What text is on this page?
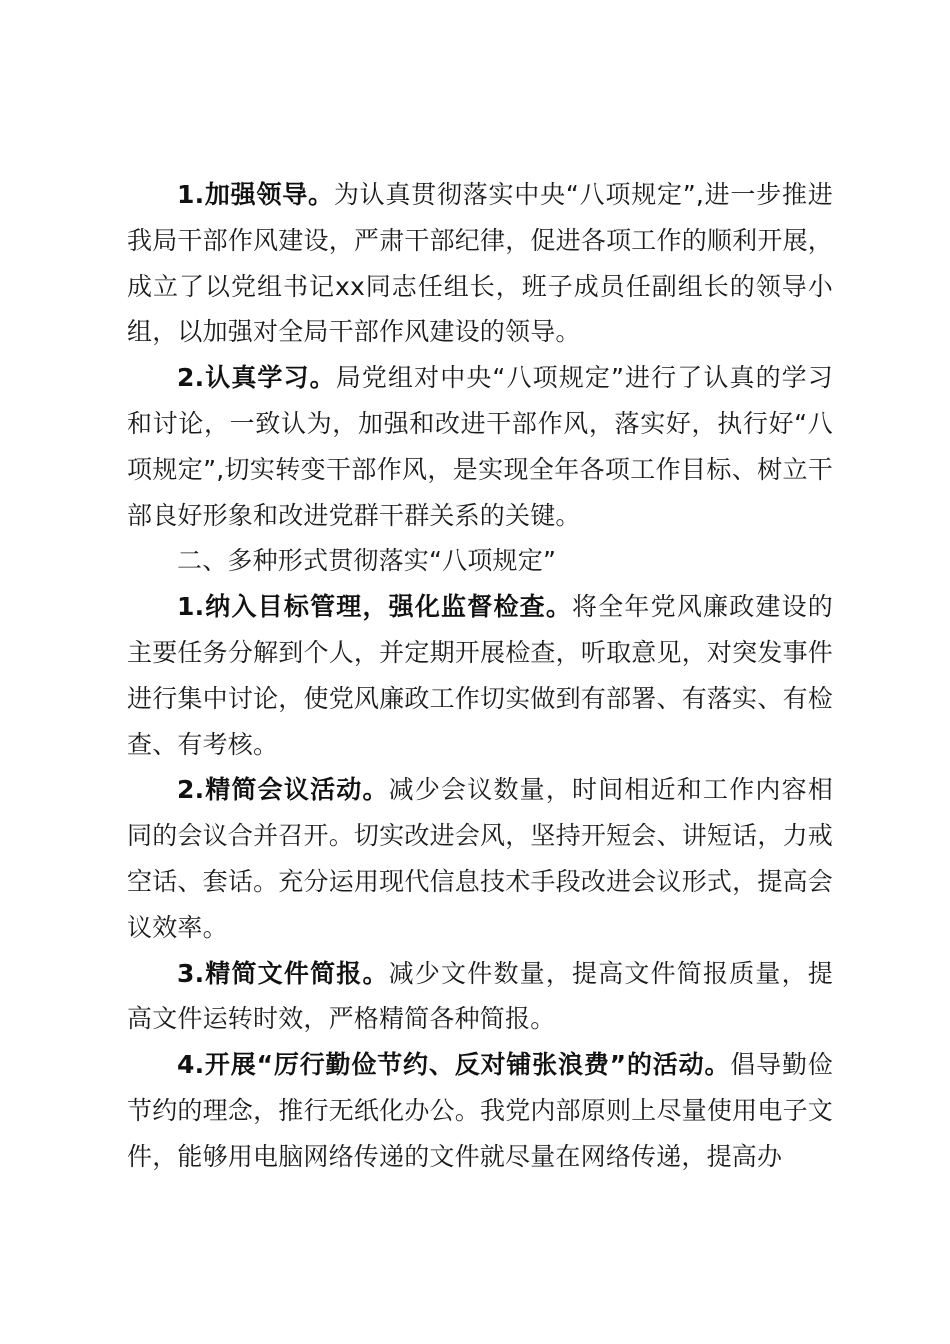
1.加强领导。为认真贯彻落实中央“八项规定”,进一步推进我局干部作风建设，严肃干部纪律，促进各项工作的顺利开展，成立了以党组书记xx同志任组长，班子成员任副组长的领导小组，以加强对全局干部作风建设的领导。

2.认真学习。局党组对中央“八项规定”进行了认真的学习和讨论，一致认为，加强和改进干部作风，落实好，执行好“八项规定”,切实转变干部作风，是实现全年各项工作目标、树立干部良好形象和改进党群干群关系的关键。

二、多种形式贯彻落实“八项规定”

1.纳入目标管理，强化监督检查。将全年党风廉政建设的主要任务分解到个人，并定期开展检查，听取意见，对突发事件进行集中讨论，使党风廉政工作切实做到有部署、有落实、有检查、有考核。

2.精简会议活动。减少会议数量，时间相近和工作内容相同的会议合并召开。切实改进会风，坚持开短会、讲短话，力戒空话、套话。充分运用现代信息技术手段改进会议形式，提高会议效率。

3.精简文件简报。减少文件数量，提高文件简报质量，提高文件运转时效，严格精简各种简报。

4.开展“厉行勤俭节约、反对铺张浪费”的活动。倡导勤俭节约的理念，推行无纸化办公。我党内部原则上尽量使用电子文件，能够用电脑网络传递的文件就尽量在网络传递，提高办
